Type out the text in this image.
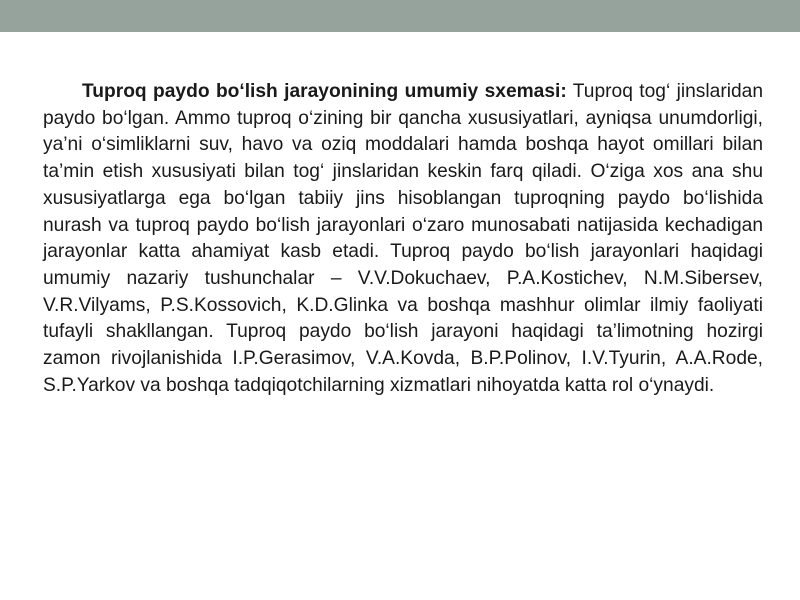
Tuproq paydo bo‘lish jarayonining umumiy sxemasi: Tuproq tog‘ jinslaridan paydo bo‘lgan. Ammo tuproq o‘zining bir qancha xususiyatlari, ayniqsa unumdorligi, ya’ni o‘simliklarni suv, havo va oziq moddalari hamda boshqa hayot omillari bilan ta’min etish xususiyati bilan tog‘ jinslaridan keskin farq qiladi. O‘ziga xos ana shu xususiyatlarga ega bo‘lgan tabiiy jins hisoblangan tuproqning paydo bo‘lishida nurash va tuproq paydo bo‘lish jarayonlari o‘zaro munosabati natijasida kechadigan jarayonlar katta ahamiyat kasb etadi. Tuproq paydo bo‘lish jarayonlari haqidagi umumiy nazariy tushunchalar – V.V.Dokuchaev, P.A.Kostichev, N.M.Sibersev, V.R.Vilyams, P.S.Kossovich, K.D.Glinka va boshqa mashhur olimlar ilmiy faoliyati tufayli shakllangan. Tuproq paydo bo‘lish jarayoni haqidagi ta’limotning hozirgi zamon rivojlanishida I.P.Gerasimov, V.A.Kovda, B.P.Polinov, I.V.Tyurin, A.A.Rode, S.P.Yarkov va boshqa tadqiqotchilarning xizmatlari nihoyatda katta rol o‘ynaydi.
